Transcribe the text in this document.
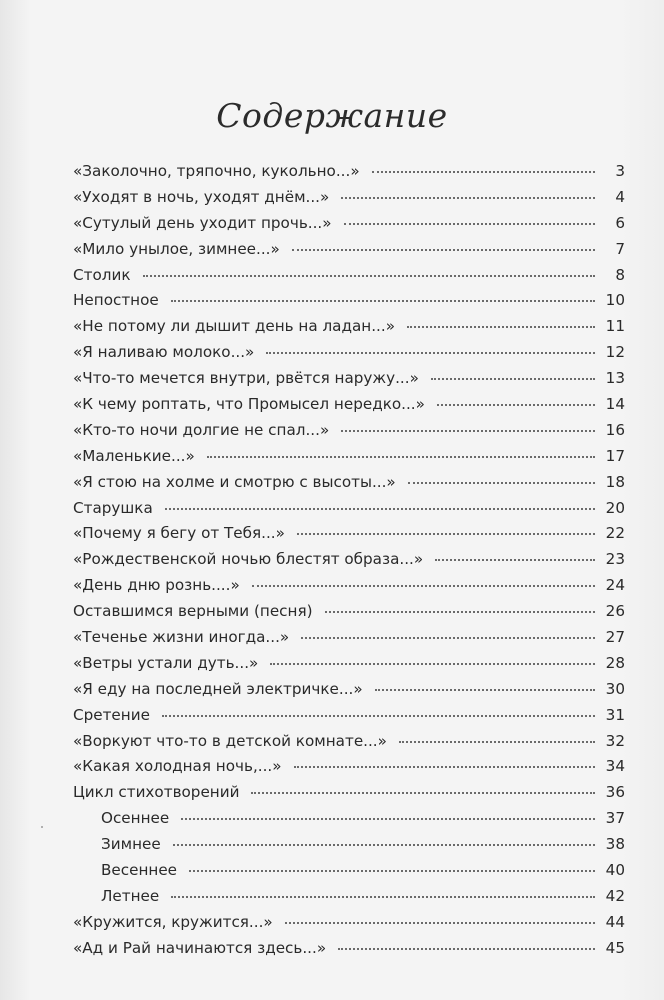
Содержание
«Заколочно, тряпочно, кукольно...»	3
«Уходят в ночь, уходят днём...»	4
«Сутулый день уходит прочь...»	6
«Мило унылое, зимнее...»	7
Столик	8
Непостное	10
«Не потому ли дышит день на ладан...»	11
«Я наливаю молоко...»	12
«Что-то мечется внутри, рвётся наружу...»	13
«К чему роптать, что Промысел нередко...»	14
«Кто-то ночи долгие не спал...»	16
«Маленькие...»	17
«Я стою на холме и смотрю с высоты...»	18
Старушка	20
«Почему я бегу от Тебя...»	22
«Рождественской ночью блестят образа...»	23
«День дню рознь....»	24
Оставшимся верными (песня)	26
«Теченье жизни иногда...»	27
«Ветры устали дуть...»	28
«Я еду на последней электричке...»	30
Сретение	31
«Воркуют что-то в детской комнате...»	32
«Какая холодная ночь,...»	34
Цикл стихотворений	36
Осеннее	37
Зимнее	38
Весеннее	40
Летнее	42
«Кружится, кружится...»	44
«Ад и Рай начинаются здесь...»	45
